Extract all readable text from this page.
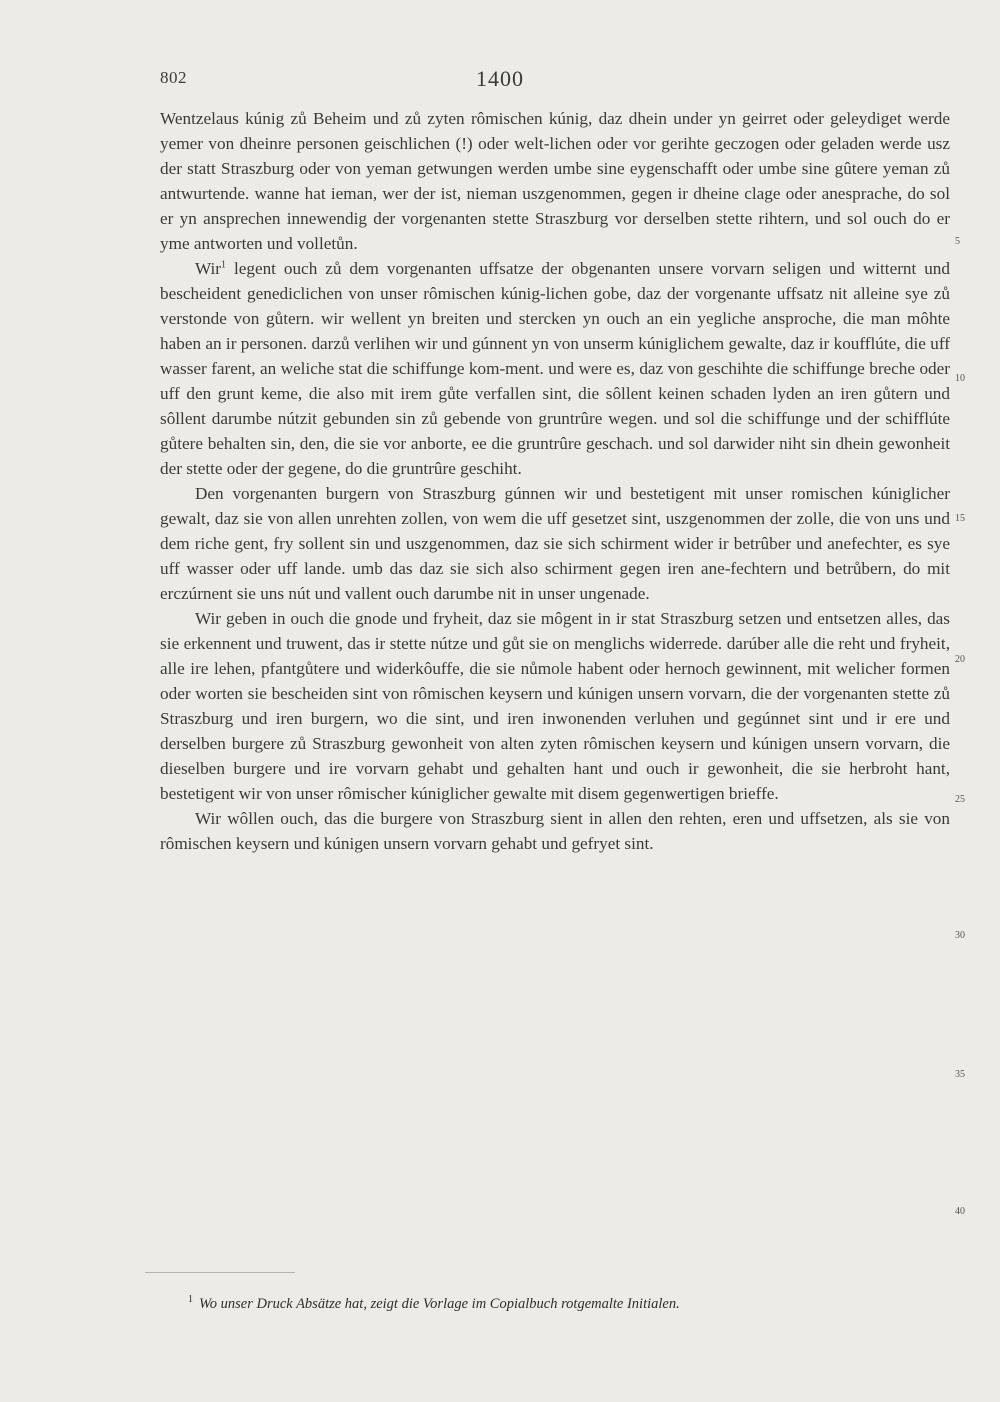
802	1400

Wentzelaus kúnig zů Beheim und zů zyten rômischen kúnig, daz dhein under yn geirret oder geleydiget werde yemer von dheinre personen geischlichen (!) oder welt-lichen oder vor gerihte geczogen oder geladen werde usz der statt Straszburg oder von yeman getwungen werden umbe sine eygenschafft oder umbe sine gûtere yeman zů antwurtende. wanne hat ieman, wer der ist, nieman uszgenommen, gegen ir dheine clage oder anesprache, do sol er yn ansprechen innewendig der vorgenanten stette Straszburg vor derselben stette rihtern, und sol ouch do er yme antworten und volletůn.

Wir$^1$ legent ouch zů dem vorgenanten uffsatze der obgenanten unsere vorvarn seligen und witternt und bescheident genediclichen von unser rômischen kúnig-lichen gobe, daz der vorgenante uffsatz nit alleine sye zů verstonde von gůtern. wir wellent yn breiten und stercken yn ouch an ein yegliche ansproche, die man môhte haben an ir personen. darzů verlihen wir und gúnnent yn von unserm kúniglichem gewalte, daz ir koufflúte, die uff wasser farent, an weliche stat die schiffunge kom-ment. und were es, daz von geschihte die schiffunge breche oder uff den grunt keme, die also mit irem gůte verfallen sint, die sôllent keinen schaden lyden an iren gůtern und sôllent darumbe nútzit gebunden sin zů gebende von gruntrûre wegen. und sol die schiffunge und der schifflúte gůtere behalten sin, den, die sie vor anborte, ee die gruntrûre geschach. und sol darwider niht sin dhein gewonheit der stette oder der gegene, do die gruntrûre geschiht.

Den vorgenanten burgern von Straszburg gúnnen wir und bestetigent mit unser romischen kúniglicher gewalt, daz sie von allen unrehten zollen, von wem die uff gesetzet sint, uszgenommen der zolle, die von uns und dem riche gent, fry sollent sin und uszgenommen, daz sie sich schirment wider ir betrûber und anefechter, es sye uff wasser oder uff lande. umb das daz sie sich also schirment gegen iren ane-fechtern und betrůbern, do mit erczúrnent sie uns nút und vallent ouch darumbe nit in unser ungenade.

Wir geben in ouch die gnode und fryheit, daz sie môgent in ir stat Straszburg setzen und entsetzen alles, das sie erkennent und truwent, das ir stette nútze und gůt sie on menglichs widerrede. darúber alle die reht und fryheit, alle ire lehen, pfantgůtere und widerkôuffe, die sie nůmole habent oder hernoch gewinnent, mit welicher formen oder worten sie bescheiden sint von rômischen keysern und kúnigen unsern vorvarn, die der vorgenanten stette zů Straszburg und iren burgern, wo die sint, und iren inwonenden verluhen und gegúnnet sint und ir ere und derselben burgere zů Straszburg gewonheit von alten zyten rômischen keysern und kúnigen unsern vorvarn, die dieselben burgere und ire vorvarn gehabt und gehalten hant und ouch ir gewonheit, die sie herbroht hant, bestetigent wir von unser rômischer kúniglicher gewalte mit disem gegenwertigen brieffe.

Wir wôllen ouch, das die burgere von Straszburg sient in allen den rehten, eren und uffsetzen, als sie von rômischen keysern und kúnigen unsern vorvarn gehabt und gefryet sint.

5
10
15
20
25
30
35
40
$^1$ Wo unser Druck Absätze hat, zeigt die Vorlage im Copialbuch rotgemalte Initialen.
